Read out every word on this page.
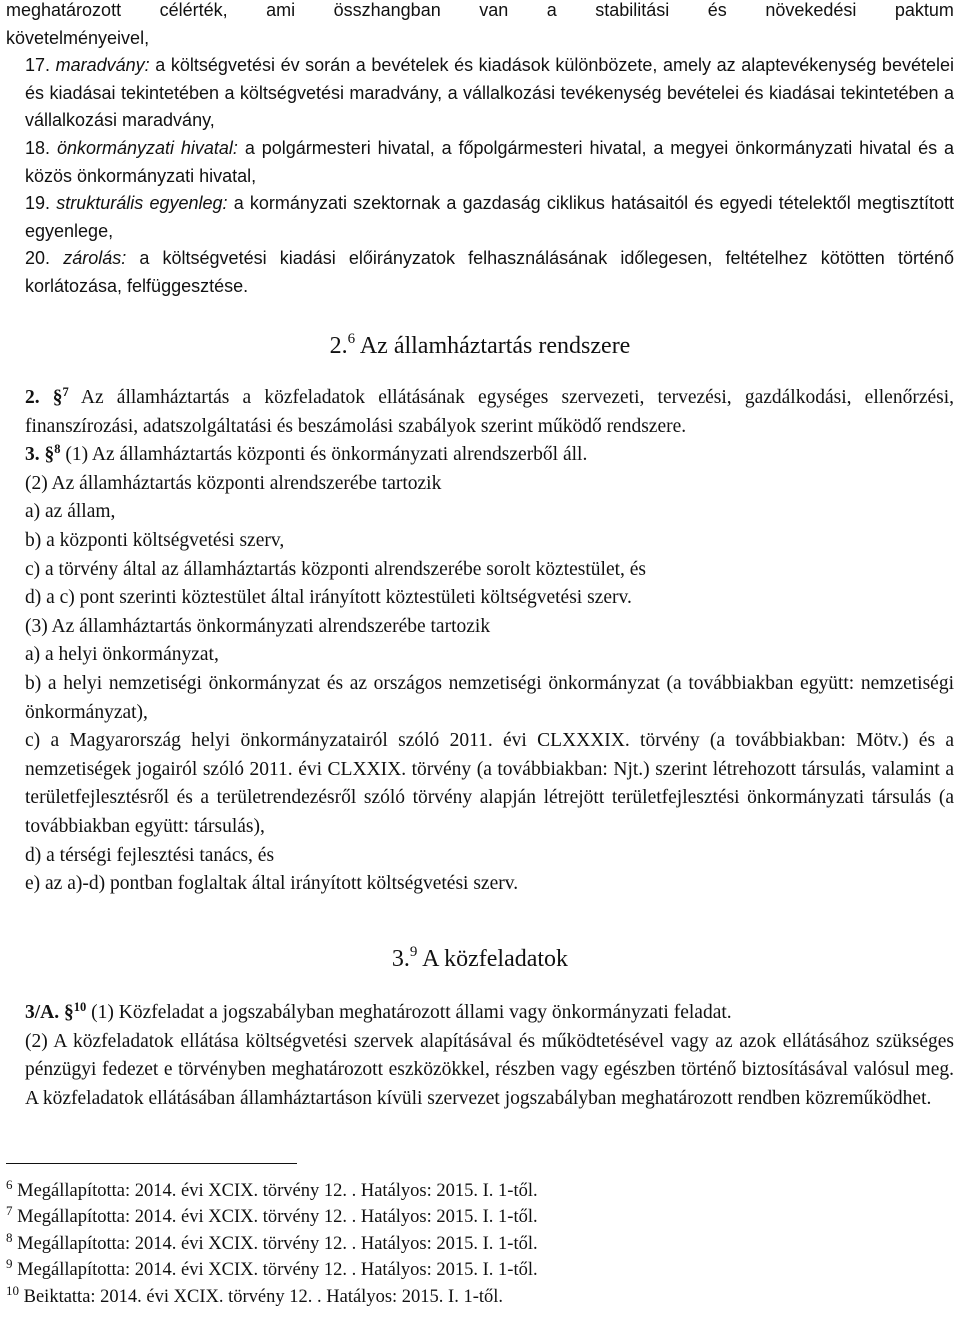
meghatározott célérték, ami összhangban van a stabilitási és növekedési paktum

követelményeivel,

17. maradvány: a költségvetési év során a bevételek és kiadások különbözete, amely az alaptevékenység bevételei és kiadásai tekintetében a költségvetési maradvány, a vállalkozási tevékenység bevételei és kiadásai tekintetében a vállalkozási maradvány,

18. önkormányzati hivatal: a polgármesteri hivatal, a főpolgármesteri hivatal, a megyei önkormányzati hivatal és a közös önkormányzati hivatal,

19. strukturális egyenleg: a kormányzati szektornak a gazdaság ciklikus hatásaitól és egyedi tételektől megtisztított egyenlege,

20. zárolás: a költségvetési kiadási előirányzatok felhasználásának időlegesen, feltételhez kötötten történő korlátozása, felfüggesztése.

2.$^6$ Az államháztartás rendszere

2. §$^7$ Az államháztartás a közfeladatok ellátásának egységes szervezeti, tervezési, gazdálkodási, ellenőrzési, finanszírozási, adatszolgáltatási és beszámolási szabályok szerint működő rendszere.

3. §$^8$ (1) Az államháztartás központi és önkormányzati alrendszerből áll.

(2) Az államháztartás központi alrendszerébe tartozik

a) az állam,

b) a központi költségvetési szerv,

c) a törvény által az államháztartás központi alrendszerébe sorolt köztestület, és

d) a c) pont szerinti köztestület által irányított köztestületi költségvetési szerv.

(3) Az államháztartás önkormányzati alrendszerébe tartozik

a) a helyi önkormányzat,

b) a helyi nemzetiségi önkormányzat és az országos nemzetiségi önkormányzat (a továbbiakban együtt: nemzetiségi önkormányzat),

c) a Magyarország helyi önkormányzatairól szóló 2011. évi CLXXXIX. törvény (a továbbiakban: Mötv.) és a nemzetiségek jogairól szóló 2011. évi CLXXIX. törvény (a továbbiakban: Njt.) szerint létrehozott társulás, valamint a területfejlesztésről és a területrendezésről szóló törvény alapján létrejött területfejlesztési önkormányzati társulás (a továbbiakban együtt: társulás),

d) a térségi fejlesztési tanács, és

e) az a)-d) pontban foglaltak által irányított költségvetési szerv.

3.$^9$ A közfeladatok

3/A. §$^{10}$ (1) Közfeladat a jogszabályban meghatározott állami vagy önkormányzati feladat.

(2) A közfeladatok ellátása költségvetési szervek alapításával és működtetésével vagy az azok ellátásához szükséges pénzügyi fedezet e törvényben meghatározott eszközökkel, részben vagy egészben történő biztosításával valósul meg. A közfeladatok ellátásában államháztartáson kívüli szervezet jogszabályban meghatározott rendben közreműködhet.

$^6$ Megállapította: 2014. évi XCIX. törvény 12. . Hatályos: 2015. I. 1-től.
$^7$ Megállapította: 2014. évi XCIX. törvény 12. . Hatályos: 2015. I. 1-től.
$^8$ Megállapította: 2014. évi XCIX. törvény 12. . Hatályos: 2015. I. 1-től.
$^9$ Megállapította: 2014. évi XCIX. törvény 12. . Hatályos: 2015. I. 1-től.
$^{10}$ Beiktatta: 2014. évi XCIX. törvény 12. . Hatályos: 2015. I. 1-től.
